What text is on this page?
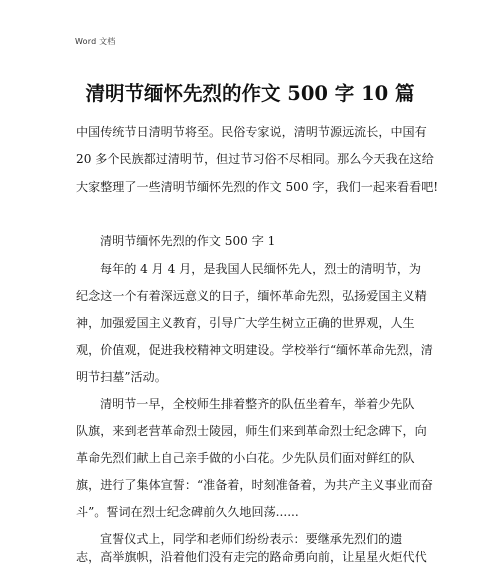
Word 文档
清明节缅怀先烈的作文 500 字 10 篇
中国传统节日清明节将至。民俗专家说，清明节源远流长，中国有
20 多个民族都过清明节，但过节习俗不尽相同。那么今天我在这给
大家整理了一些清明节缅怀先烈的作文 500 字，我们一起来看看吧!
清明节缅怀先烈的作文 500 字 1
每年的 4 月 4 月，是我国人民缅怀先人，烈士的清明节，为
纪念这一个有着深远意义的日子，缅怀革命先烈，弘扬爱国主义精
神，加强爱国主义教育，引导广大学生树立正确的世界观，人生
观，价值观，促进我校精神文明建设。学校举行“缅怀革命先烈，清
明节扫墓”活动。
清明节一早，全校师生排着整齐的队伍坐着车，举着少先队
队旗，来到老营革命烈士陵园，师生们来到革命烈士纪念碑下，向
革命先烈们献上自己亲手做的小白花。少先队员们面对鲜红的队
旗，进行了集体宣誓：“准备着，时刻准备着，为共产主义事业而奋
斗”。誓词在烈士纪念碑前久久地回荡......
宣誓仪式上，同学和老师们纷纷表示：要继承先烈们的遗
志，高举旗帜，沿着他们没有走完的路命勇向前，让星星火炬代代
